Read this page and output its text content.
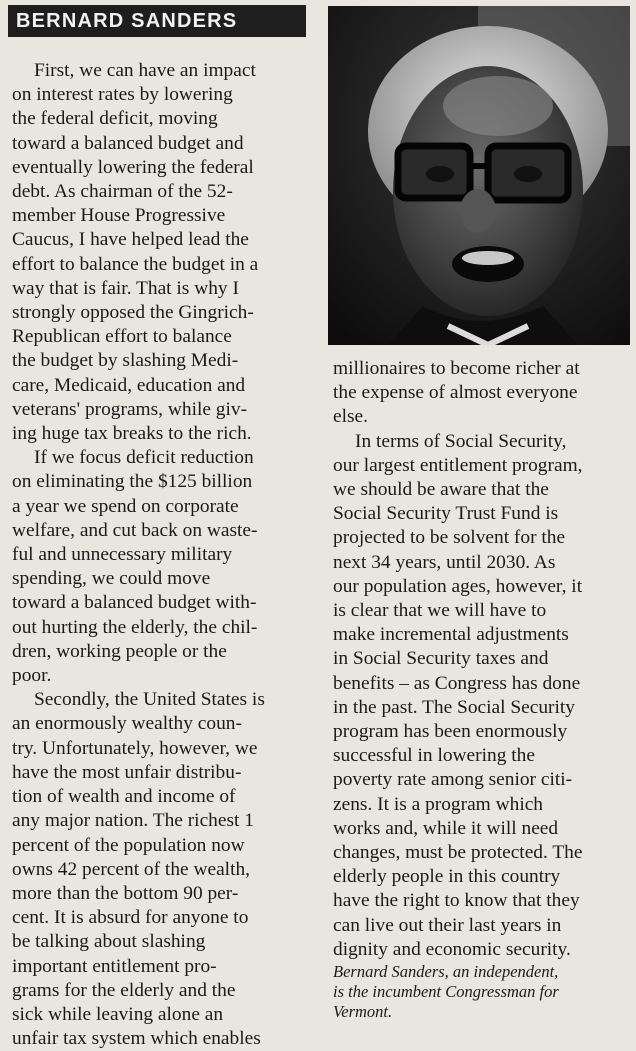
BERNARD SANDERS

First, we can have an impact
on interest rates by lowering
the federal deficit, moving
toward a balanced budget and
eventually lowering the federal
debt. As chairman of the 52-
member House Progressive
Caucus, I have helped lead the
effort to balance the budget in a
way that is fair. That is why I
strongly opposed the Gingrich-
Republican effort to balance
the budget by slashing Medi-
care, Medicaid, education and
veterans' programs, while giv-
ing huge tax breaks to the rich.

If we focus deficit reduction
on eliminating the $125 billion
a year we spend on corporate
welfare, and cut back on waste-
ful and unnecessary military
spending, we could move
toward a balanced budget with-
out hurting the elderly, the chil-
dren, working people or the
poor.

Secondly, the United States is
an enormously wealthy coun-
try. Unfortunately, however, we
have the most unfair distribu-
tion of wealth and income of
any major nation. The richest 1
percent of the population now
owns 42 percent of the wealth,
more than the bottom 90 per-
cent. It is absurd for anyone to
be talking about slashing
important entitlement pro-
grams for the elderly and the
sick while leaving alone an
unfair tax system which enables

millionaires to become richer at
the expense of almost everyone
else.

In terms of Social Security,
our largest entitlement program,
we should be aware that the
Social Security Trust Fund is
projected to be solvent for the
next 34 years, until 2030. As
our population ages, however, it
is clear that we will have to
make incremental adjustments
in Social Security taxes and
benefits – as Congress has done
in the past. The Social Security
program has been enormously
successful in lowering the
poverty rate among senior citi-
zens. It is a program which
works and, while it will need
changes, must be protected. The
elderly people in this country
have the right to know that they
can live out their last years in
dignity and economic security.

Bernard Sanders, an independent,
is the incumbent Congressman for
Vermont.
